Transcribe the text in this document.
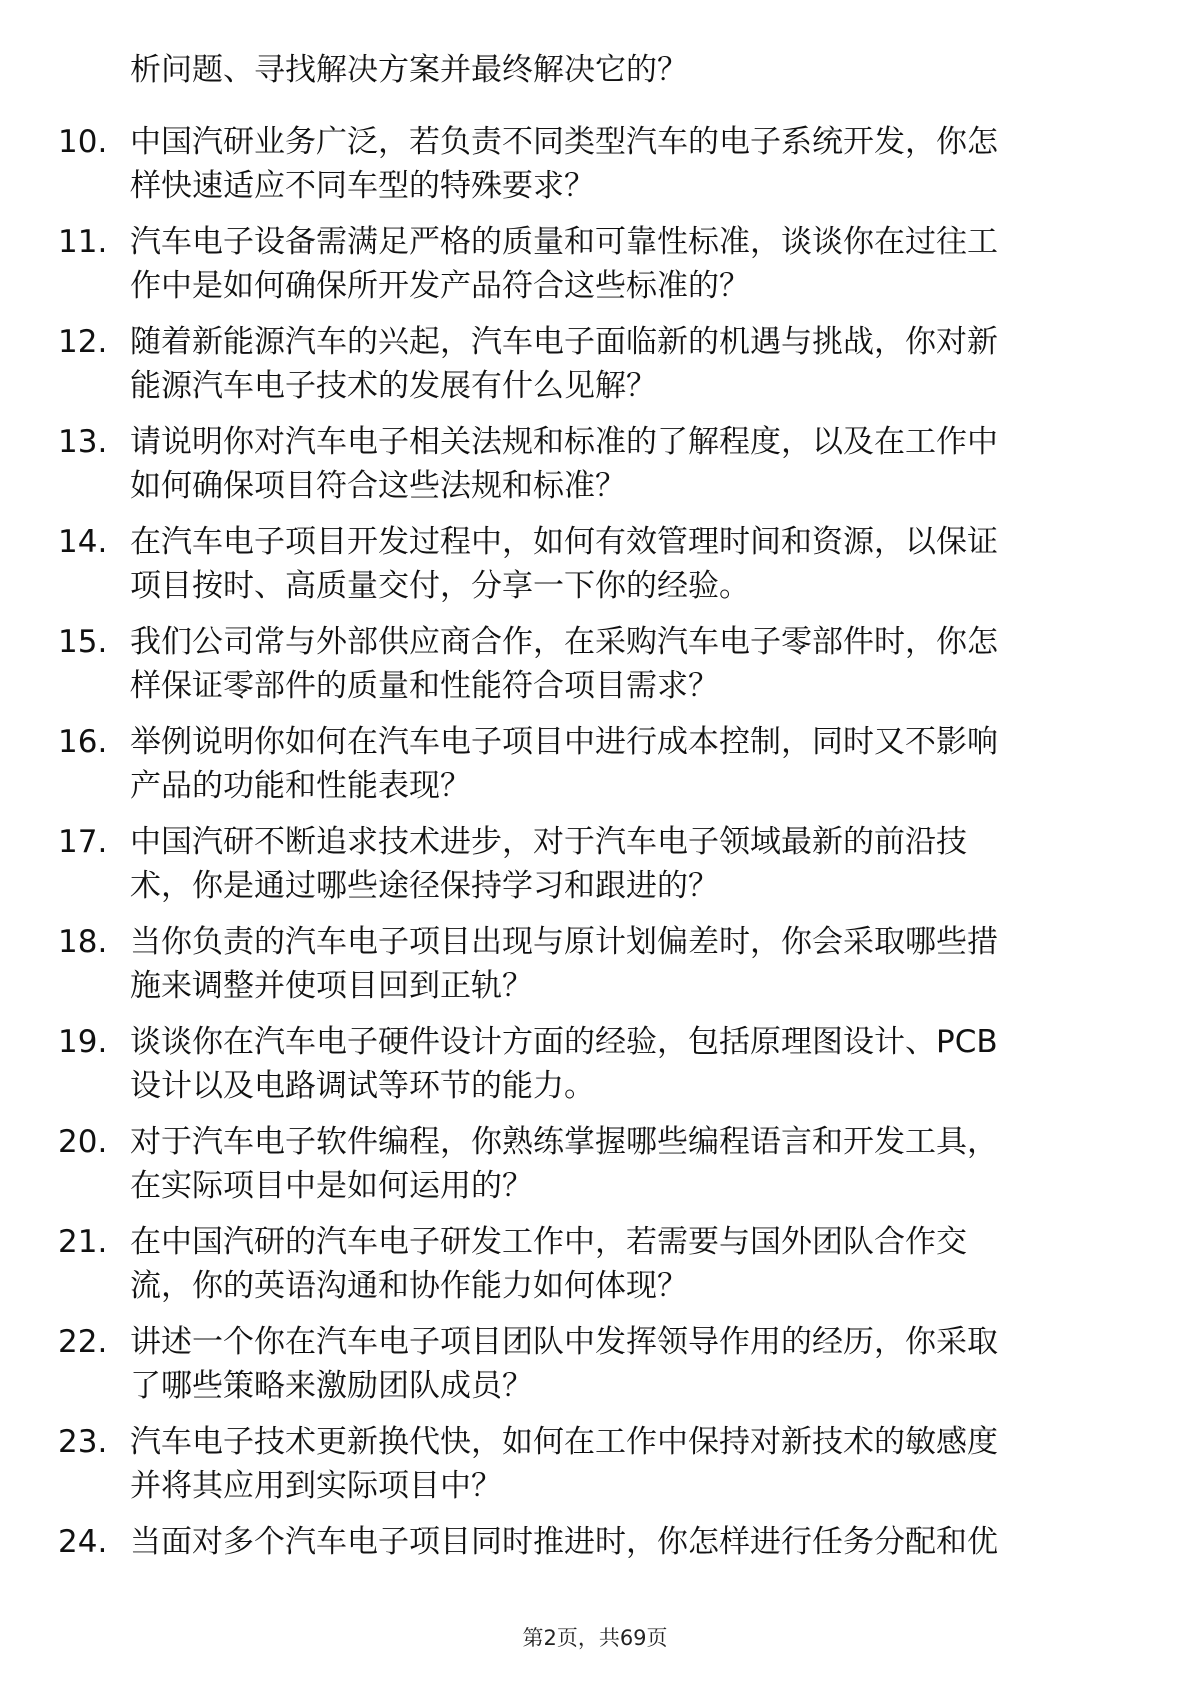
析问题、寻找解决方案并最终解决它的？
10. 中国汽研业务广泛，若负责不同类型汽车的电子系统开发，你怎
样快速适应不同车型的特殊要求？
11. 汽车电子设备需满足严格的质量和可靠性标准，谈谈你在过往工
作中是如何确保所开发产品符合这些标准的？
12. 随着新能源汽车的兴起，汽车电子面临新的机遇与挑战，你对新
能源汽车电子技术的发展有什么见解？
13. 请说明你对汽车电子相关法规和标准的了解程度，以及在工作中
如何确保项目符合这些法规和标准？
14. 在汽车电子项目开发过程中，如何有效管理时间和资源，以保证
项目按时、高质量交付，分享一下你的经验。
15. 我们公司常与外部供应商合作，在采购汽车电子零部件时，你怎
样保证零部件的质量和性能符合项目需求？
16. 举例说明你如何在汽车电子项目中进行成本控制，同时又不影响
产品的功能和性能表现？
17. 中国汽研不断追求技术进步，对于汽车电子领域最新的前沿技
术，你是通过哪些途径保持学习和跟进的？
18. 当你负责的汽车电子项目出现与原计划偏差时，你会采取哪些措
施来调整并使项目回到正轨？
19. 谈谈你在汽车电子硬件设计方面的经验，包括原理图设计、PCB
设计以及电路调试等环节的能力。
20. 对于汽车电子软件编程，你熟练掌握哪些编程语言和开发工具，
在实际项目中是如何运用的？
21. 在中国汽研的汽车电子研发工作中，若需要与国外团队合作交
流，你的英语沟通和协作能力如何体现？
22. 讲述一个你在汽车电子项目团队中发挥领导作用的经历，你采取
了哪些策略来激励团队成员？
23. 汽车电子技术更新换代快，如何在工作中保持对新技术的敏感度
并将其应用到实际项目中？
24. 当面对多个汽车电子项目同时推进时，你怎样进行任务分配和优
第2页，共69页
